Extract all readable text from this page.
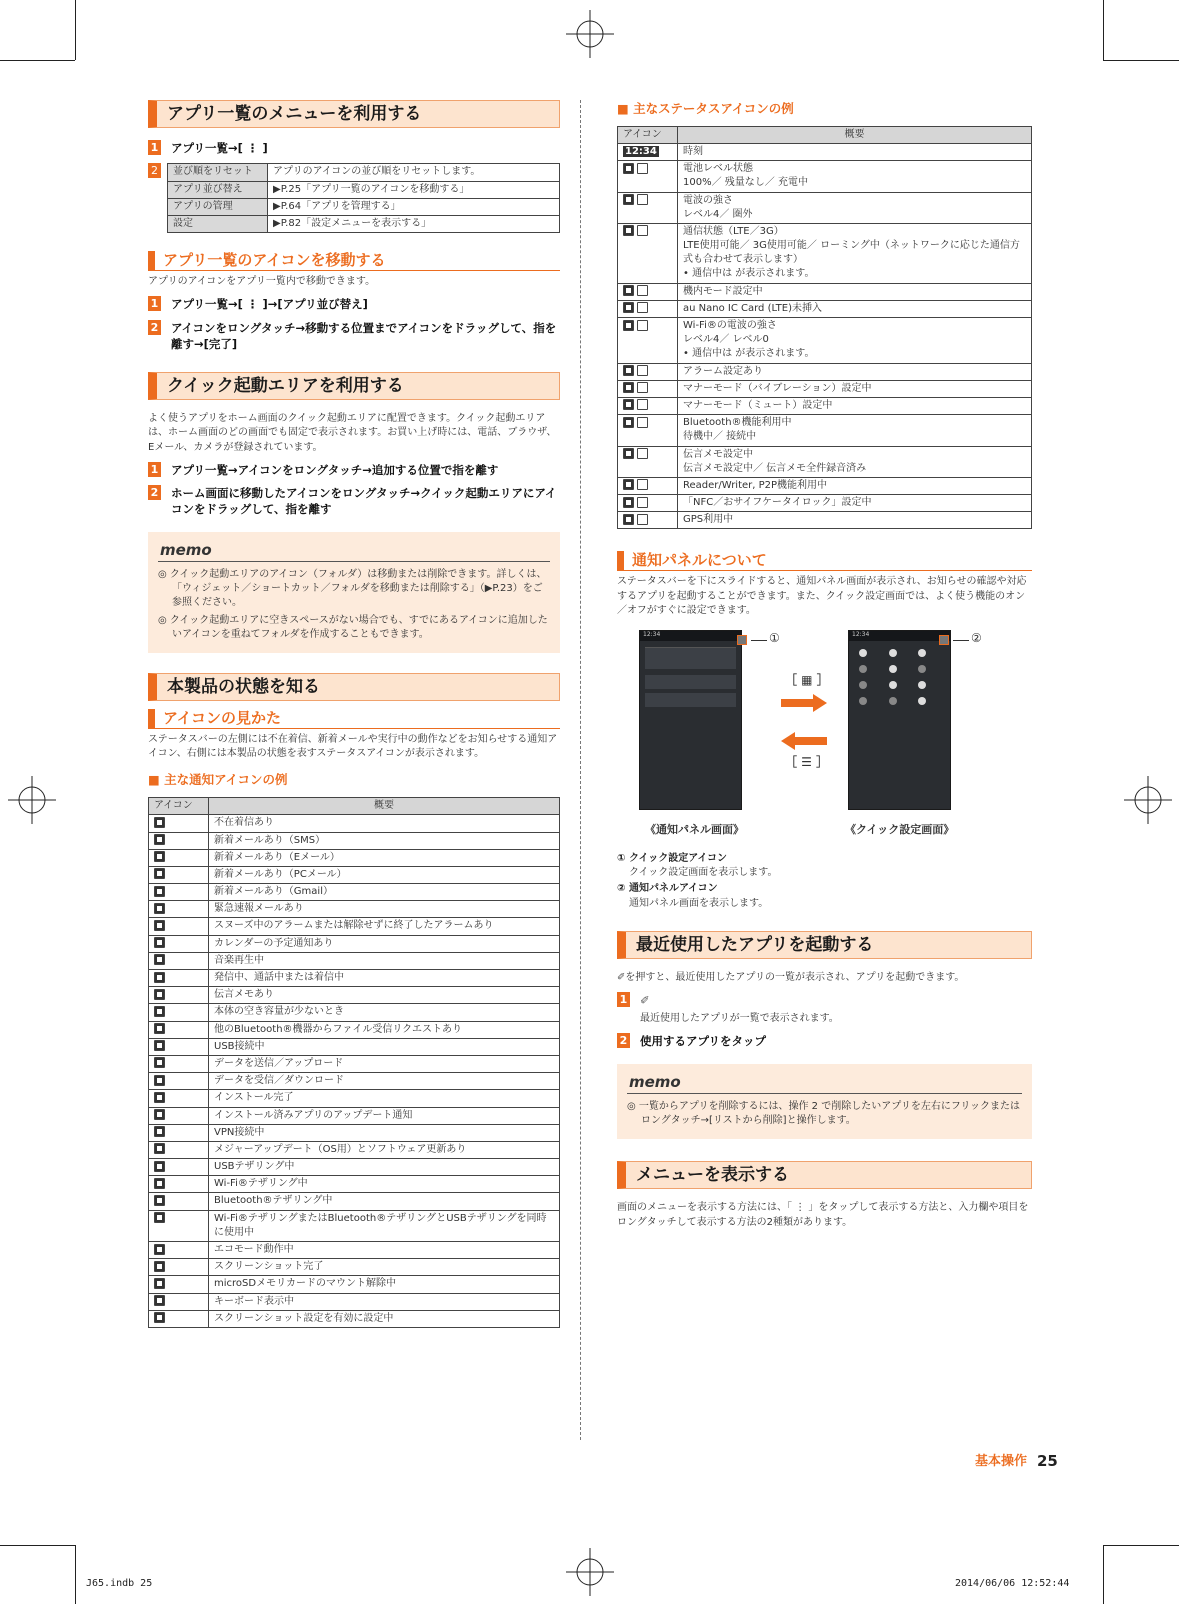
アプリ一覧のメニューを利用する
1 アプリ一覧→[ ⋮ ]
2	並び順をリセット	アプリのアイコンの並び順をリセットします。
アプリ並び替え	▶P.25「アプリ一覧のアイコンを移動する」
アプリの管理	▶P.64「アプリを管理する」
設定	▶P.82「設定メニューを表示する」
アプリ一覧のアイコンを移動する

アプリのアイコンをアプリ一覧内で移動できます。

1 アプリ一覧→[ ⋮ ]→[アプリ並び替え]
2 アイコンをロングタッチ→移動する位置までアイコンをドラッグして、指を離す→[完了]
クイック起動エリアを利用する

よく使うアプリをホーム画面のクイック起動エリアに配置できます。クイック起動エリアは、ホーム画面のどの画面でも固定で表示されます。お買い上げ時には、電話、ブラウザ、Eメール、カメラが登録されています。

1 アプリ一覧→アイコンをロングタッチ→追加する位置で指を離す
2 ホーム画面に移動したアイコンをロングタッチ→クイック起動エリアにアイコンをドラッグして、指を離す
memo
◎ クイック起動エリアのアイコン（フォルダ）は移動または削除できます。詳しくは、「ウィジェット／ショートカット／フォルダを移動または削除する」（▶P.23）をご参照ください。
◎ クイック起動エリアに空きスペースがない場合でも、すでにあるアイコンに追加したいアイコンを重ねてフォルダを作成することもできます。
本製品の状態を知る
アイコンの見かた

ステータスバーの左側には不在着信、新着メールや実行中の動作などをお知らせする通知アイコン、右側には本製品の状態を表すステータスアイコンが表示されます。

■ 主な通知アイコンの例
アイコン	概要
	不在着信あり
	新着メールあり（SMS）
	新着メールあり（Eメール）
	新着メールあり（PCメール）
	新着メールあり（Gmail）
	緊急速報メールあり
	スヌーズ中のアラームまたは解除せずに終了したアラームあり
	カレンダーの予定通知あり
	音楽再生中
	発信中、通話中または着信中
	伝言メモあり
	本体の空き容量が少ないとき
	他のBluetooth®機器からファイル受信リクエストあり
	USB接続中
	データを送信／アップロード
	データを受信／ダウンロード
	インストール完了
	インストール済みアプリのアップデート通知
	VPN接続中
	メジャーアップデート（OS用）とソフトウェア更新あり
	USBテザリング中
	Wi-Fi®テザリング中
	Bluetooth®テザリング中
	Wi-Fi®テザリングまたはBluetooth®テザリングとUSBテザリングを同時に使用中
	エコモード動作中
	スクリーンショット完了
	microSDメモリカードのマウント解除中
	キーボード表示中
	スクリーンショット設定を有効に設定中
■ 主なステータスアイコンの例
アイコン	概要
12:34	時刻

	電池レベル状態
100%／ 残量なし／ 充電中

	電波の強さ
レベル4／ 圏外

	通信状態（LTE／3G）
LTE使用可能／ 3G使用可能／ ローミング中（ネットワークに応じた通信方式も合わせて表示します）
• 通信中は が表示されます。

	機内モード設定中

	au Nano IC Card (LTE)未挿入

	Wi-Fi®の電波の強さ
レベル4／ レベル0
• 通信中は が表示されます。

	アラーム設定あり

	マナーモード（バイブレーション）設定中

	マナーモード（ミュート）設定中

	Bluetooth®機能利用中
待機中／ 接続中

	伝言メモ設定中
伝言メモ設定中／ 伝言メモ全件録音済み

	Reader/Writer, P2P機能利用中

	「NFC／おサイフケータイロック」設定中

	GPS利用中
通知パネルについて

ステータスバーを下にスライドすると、通知パネル画面が表示され、お知らせの確認や対応するアプリを起動することができます。また、クイック設定画面では、よく使う機能のオン／オフがすぐに設定できます。

12:34	①
［ ▦ ］
［ ☰ ］
12:34	②
《通知パネル画面》	《クイック設定画面》
① クイック設定アイコン
クイック設定画面を表示します。
② 通知パネルアイコン
通知パネル画面を表示します。
最近使用したアプリを起動する

✐を押すと、最近使用したアプリの一覧が表示され、アプリを起動できます。

1 ✐
最近使用したアプリが一覧で表示されます。
2 使用するアプリをタップ
memo
◎ 一覧からアプリを削除するには、操作 2 で削除したいアプリを左右にフリックまたはロングタッチ→[リストから削除]と操作します。
メニューを表示する

画面のメニューを表示する方法には、「 ⋮ 」をタップして表示する方法と、入力欄や項目をロングタッチして表示する方法の2種類があります。

基本操作 25
J65.indb 25	2014/06/06 12:52:44
